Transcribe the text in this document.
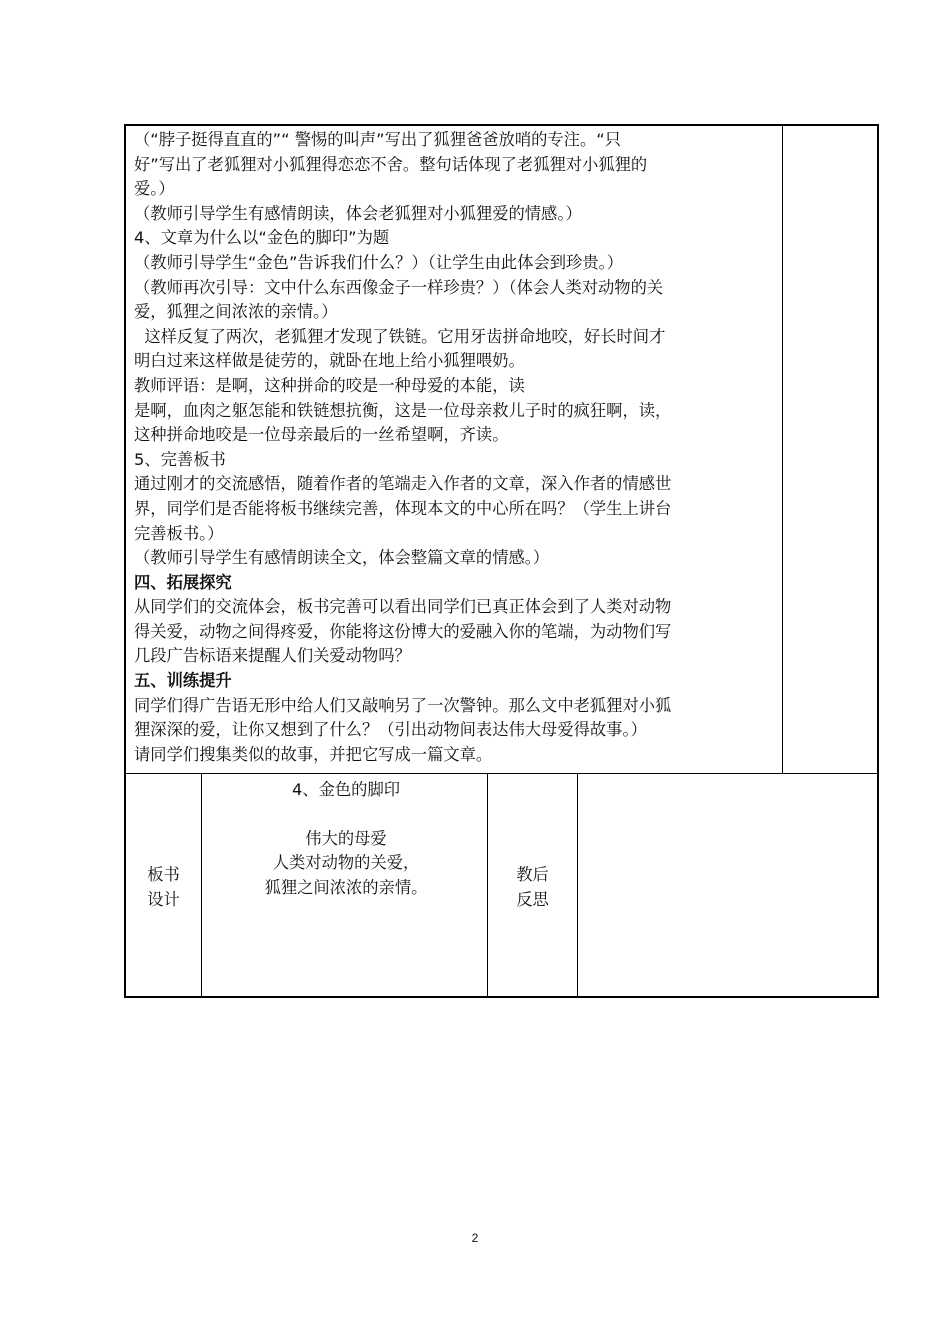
（“脖子挺得直直的”“ 警惕的叫声”写出了狐狸爸爸放哨的专注。“只

好”写出了老狐狸对小狐狸得恋恋不舍。整句话体现了老狐狸对小狐狸的

爱。）

（教师引导学生有感情朗读，体会老狐狸对小狐狸爱的情感。）

4、文章为什么以“金色的脚印”为题

（教师引导学生“金色”告诉我们什么？）（让学生由此体会到珍贵。）

（教师再次引导：文中什么东西像金子一样珍贵？）（体会人类对动物的关

爱，狐狸之间浓浓的亲情。）

这样反复了两次，老狐狸才发现了铁链。它用牙齿拼命地咬，好长时间才

明白过来这样做是徒劳的，就卧在地上给小狐狸喂奶。

教师评语：是啊，这种拼命的咬是一种母爱的本能，读

是啊，血肉之躯怎能和铁链想抗衡，这是一位母亲救儿子时的疯狂啊，读，

这种拼命地咬是一位母亲最后的一丝希望啊，齐读。

5、完善板书

通过刚才的交流感悟，随着作者的笔端走入作者的文章，深入作者的情感世

界，同学们是否能将板书继续完善，体现本文的中心所在吗？（学生上讲台

完善板书。）

（教师引导学生有感情朗读全文，体会整篇文章的情感。）

四、拓展探究

从同学们的交流体会，板书完善可以看出同学们已真正体会到了人类对动物

得关爱，动物之间得疼爱，你能将这份博大的爱融入你的笔端，为动物们写

几段广告标语来提醒人们关爱动物吗？

五、训练提升

同学们得广告语无形中给人们又敲响另了一次警钟。那么文中老狐狸对小狐

狸深深的爱，让你又想到了什么？（引出动物间表达伟大母爱得故事。）

请同学们搜集类似的故事，并把它写成一篇文章。

板书
设计

4、金色的脚印

伟大的母爱

人类对动物的关爱，

狐狸之间浓浓的亲情。

教后
反思
2
